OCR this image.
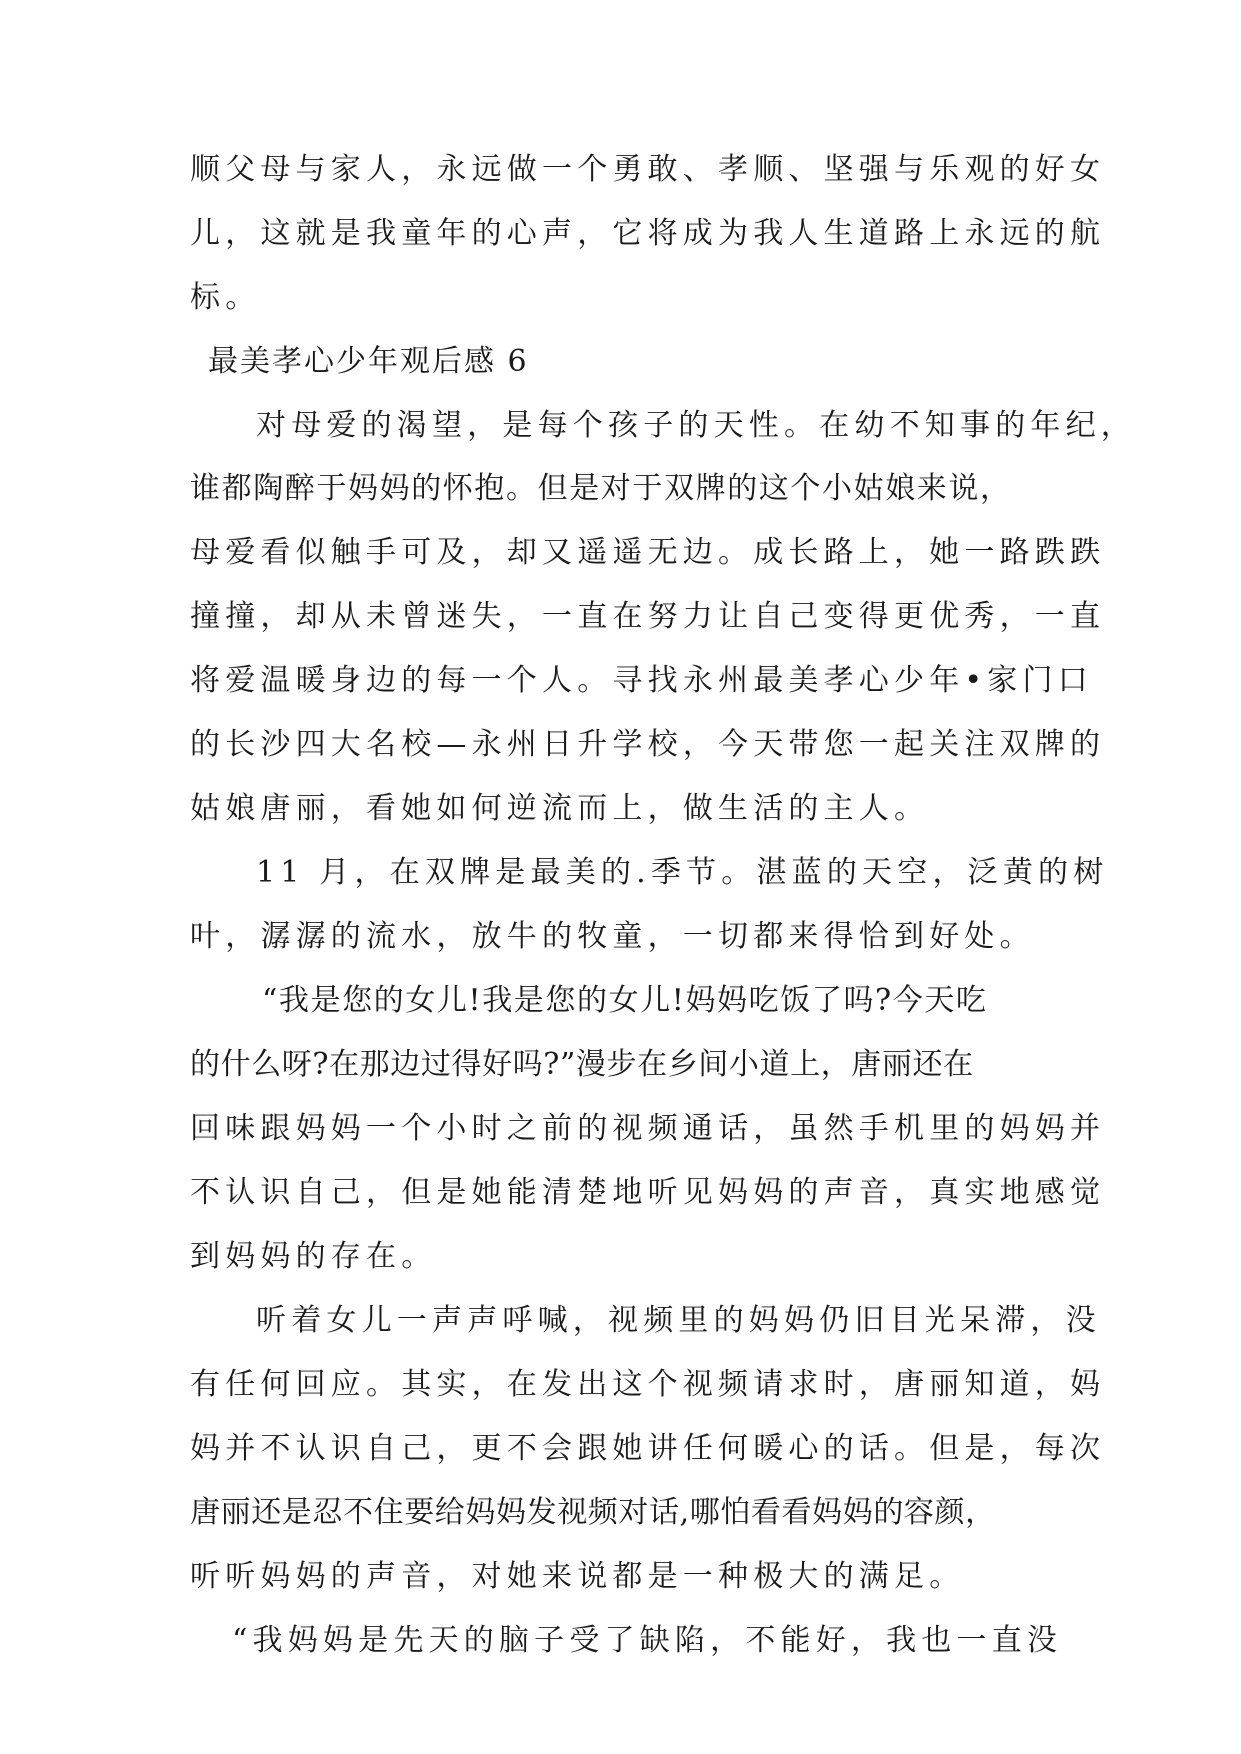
顺父母与家人，永远做一个勇敢、孝顺、坚强与乐观的好女
儿，这就是我童年的心声，它将成为我人生道路上永远的航
标。
最美孝心少年观后感 6
对母爱的渴望，是每个孩子的天性。在幼不知事的年纪，
谁都陶醉于妈妈的怀抱。但是对于双牌的这个小姑娘来说，
母爱看似触手可及，却又遥遥无边。成长路上，她一路跌跌
撞撞，却从未曾迷失，一直在努力让自己变得更优秀，一直
将爱温暖身边的每一个人。寻找永州最美孝心少年•家门口
的长沙四大名校—永州日升学校，今天带您一起关注双牌的
姑娘唐丽，看她如何逆流而上，做生活的主人。
11 月，在双牌是最美的.季节。湛蓝的天空，泛黄的树
叶，潺潺的流水，放牛的牧童，一切都来得恰到好处。
“我是您的女儿!我是您的女儿!妈妈吃饭了吗?今天吃
的什么呀?在那边过得好吗?”漫步在乡间小道上，唐丽还在
回味跟妈妈一个小时之前的视频通话，虽然手机里的妈妈并
不认识自己，但是她能清楚地听见妈妈的声音，真实地感觉
到妈妈的存在。
听着女儿一声声呼喊，视频里的妈妈仍旧目光呆滞，没
有任何回应。其实，在发出这个视频请求时，唐丽知道，妈
妈并不认识自己，更不会跟她讲任何暖心的话。但是，每次
唐丽还是忍不住要给妈妈发视频对话,哪怕看看妈妈的容颜，
听听妈妈的声音，对她来说都是一种极大的满足。
“我妈妈是先天的脑子受了缺陷，不能好，我也一直没
